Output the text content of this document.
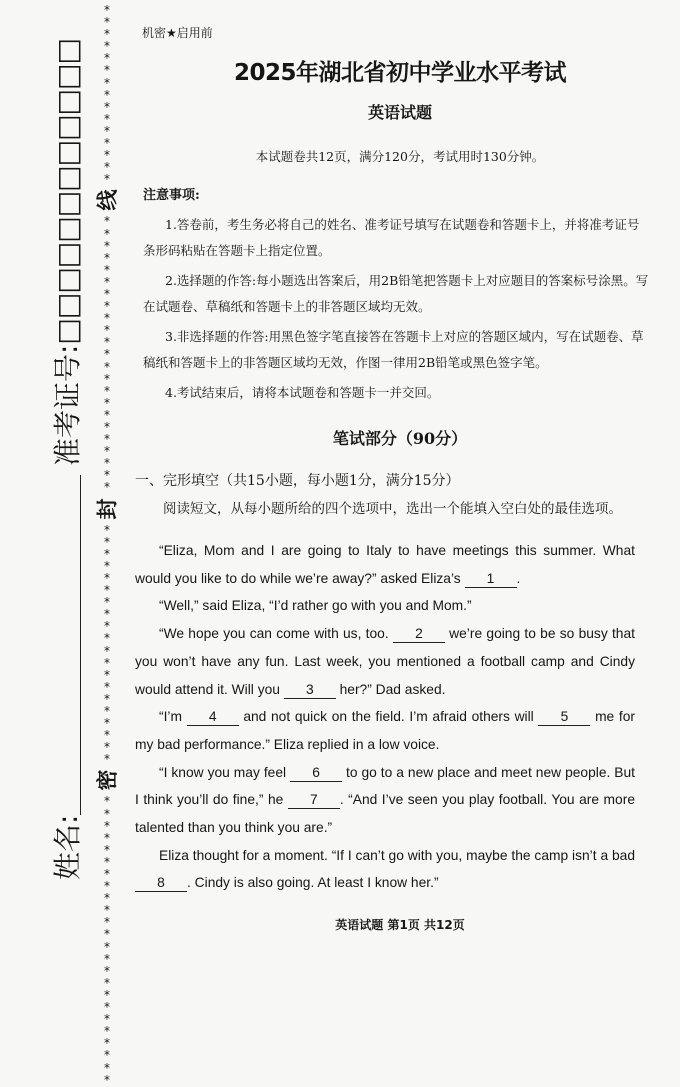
*
*
*
*
*
*
*
*
*
*
*
*
*
*
*
线
*
*
*
*
*
*
*
*
*
*
*
*
*
*
*
*
*
*
*
*
*
*
*
封
*
*
*
*
*
*
*
*
*
*
*
*
*
*
*
*
*
*
*
*
密
*
*
*
*
*
*
*
*
*
*
*
*
*
*
*
*
*
*
*
*
*
*
*
*
准考证号:□□□□□□□□□□□□
姓名:
机密★启用前
2025年湖北省初中学业水平考试
英语试题
本试题卷共12页，满分120分，考试用时130分钟。
注意事项:

1.答卷前，考生务必将自己的姓名、准考证号填写在试题卷和答题卡上，并将准考证号条形码粘贴在答题卡上指定位置。

2.选择题的作答:每小题选出答案后，用2B铅笔把答题卡上对应题目的答案标号涂黑。写在试题卷、草稿纸和答题卡上的非答题区域均无效。

3.非选择题的作答:用黑色签字笔直接答在答题卡上对应的答题区域内，写在试题卷、草稿纸和答题卡上的非答题区域均无效，作图一律用2B铅笔或黑色签字笔。

4.考试结束后，请将本试题卷和答题卡一并交回。

笔试部分（90分）
一、完形填空（共15小题，每小题1分，满分15分）
阅读短文，从每小题所给的四个选项中，选出一个能填入空白处的最佳选项。

“Eliza, Mom and I are going to Italy to have meetings this summer. What would you like to do while we’re away?” asked Eliza’s 1 .

“Well,” said Eliza, “I’d rather go with you and Mom.”

“We hope you can come with us, too. 2 we’re going to be so busy that you won’t have any fun. Last week, you mentioned a football camp and Cindy would attend it. Will you 3 her?” Dad asked.

“I’m 4 and not quick on the field. I’m afraid others will 5 me for my bad performance.” Eliza replied in a low voice.

“I know you may feel 6 to go to a new place and meet new people. But I think you’ll do fine,” he 7 . “And I’ve seen you play football. You are more talented than you think you are.”

Eliza thought for a moment. “If I can’t go with you, maybe the camp isn’t a bad 8 . Cindy is also going. At least I know her.”

英语试题 第1页 共12页
